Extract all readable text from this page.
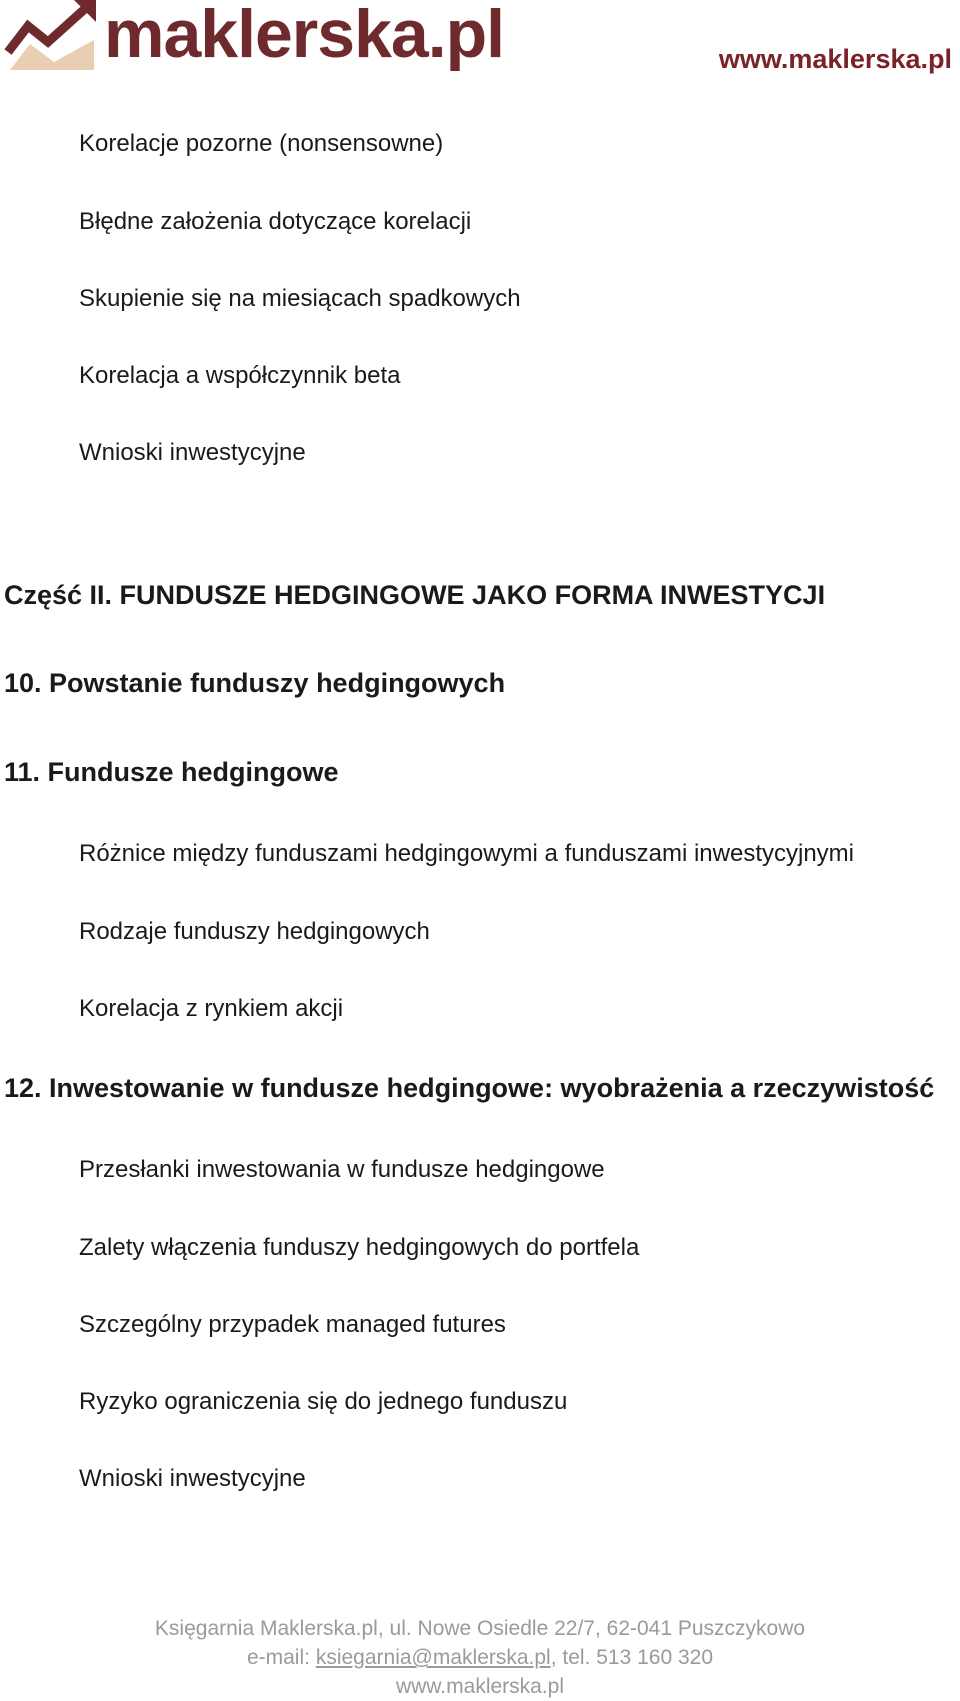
maklerska.pl	www.maklerska.pl
Korelacje pozorne (nonsensowne)
Błędne założenia dotyczące korelacji
Skupienie się na miesiącach spadkowych
Korelacja a współczynnik beta
Wnioski inwestycyjne
Część II. FUNDUSZE HEDGINGOWE JAKO FORMA INWESTYCJI
10. Powstanie funduszy hedgingowych
11. Fundusze hedgingowe
Różnice między funduszami hedgingowymi a funduszami inwestycyjnymi
Rodzaje funduszy hedgingowych
Korelacja z rynkiem akcji
12. Inwestowanie w fundusze hedgingowe: wyobrażenia a rzeczywistość
Przesłanki inwestowania w fundusze hedgingowe
Zalety włączenia funduszy hedgingowych do portfela
Szczególny przypadek managed futures
Ryzyko ograniczenia się do jednego funduszu
Wnioski inwestycyjne
Księgarnia Maklerska.pl, ul. Nowe Osiedle 22/7, 62-041 Puszczykowo
e-mail: ksiegarnia@maklerska.pl, tel. 513 160 320
www.maklerska.pl
